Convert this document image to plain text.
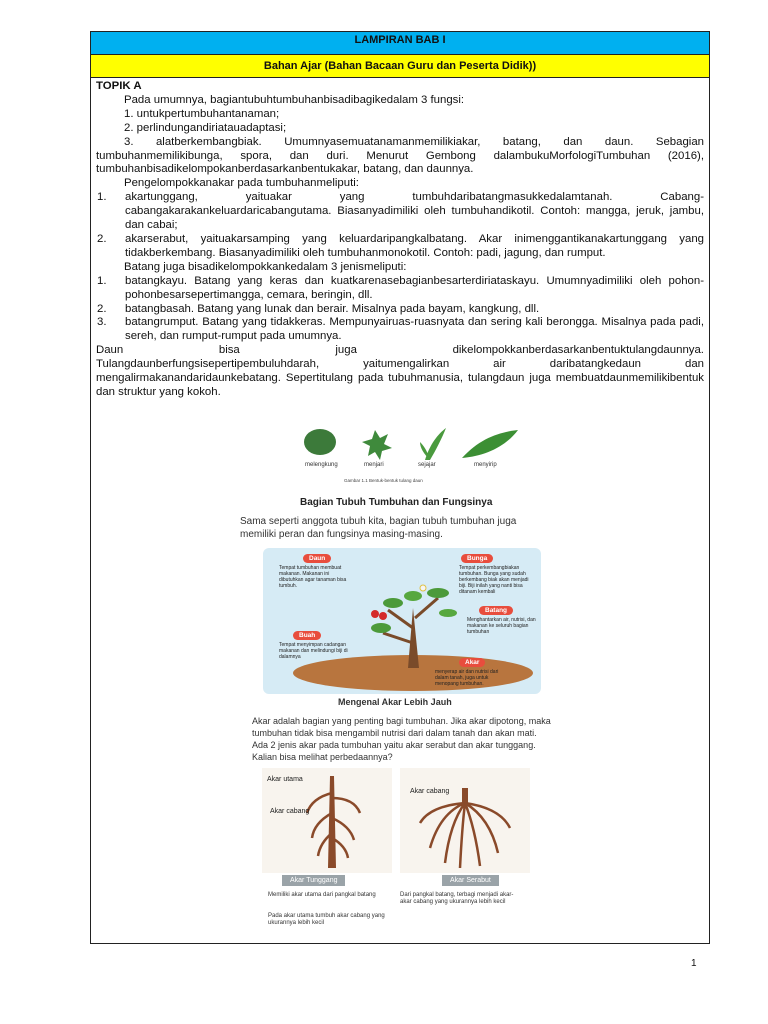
LAMPIRAN BAB I
Bahan Ajar (Bahan Bacaan Guru dan Peserta Didik))

TOPIK A

Pada umumnya, bagiantubuhtumbuhanbisadibagikedalam 3 fungsi:

1. untukpertumbuhantanaman;

2. perlindungandiriatauadaptasi;

3. alatberkembangbiak. Umumnyasemuatanamanmemilikiakar, batang, dan daun. Sebagian tumbuhanmemilikibunga, spora, dan duri. Menurut Gembong dalambukuMorfologiTumbuhan (2016), tumbuhanbisadikelompokanberdasarkanbentukakar, batang, dan daunnya.

Pengelompokkanakar pada tumbuhanmeliputi:

1. akartunggang, yaituakar yang tumbuhdaribatangmasukkedalamtanah. Cabang-cabangakarakankeluardaricabangutama. Biasanyadimiliki oleh tumbuhandikotil. Contoh: mangga, jeruk, jambu, dan cabai;
2. akarserabut, yaituakarsamping yang keluardaripangkalbatang. Akar inimenggantikanakartunggang yang tidakberkembang. Biasanyadimiliki oleh tumbuhanmonokotil. Contoh: padi, jagung, dan rumput.

Batang juga bisadikelompokkankedalam 3 jenismeliputi:

1. batangkayu. Batang yang keras dan kuatkarenasebagianbesarterdiriataskayu. Umumnyadimiliki oleh pohon-pohonbesarsepertimangga, cemara, beringin, dll.
2. batangbasah. Batang yang lunak dan berair. Misalnya pada bayam, kangkung, dll.
3. batangrumput. Batang yang tidakkeras. Mempunyairuas-ruasnyata dan sering kali berongga. Misalnya pada padi, sereh, dan rumput-rumput pada umumnya.

Daun	bisa	juga	dikelompokkanberdasarkanbentuktulangdaunnya.

Tulangdaunberfungsisepertipembuluhdarah, yaitumengalirkan air daribatangkedaun dan mengalirmakanandaridaunkebatang. Sepertitulang pada tubuhmanusia, tulangdaun juga membuatdaunmemilikibentuk dan struktur yang kokoh.

melengkung	menjari	sejajar	menyirip
Gambar 1.1 Bentuk-bentuk tulang daun
Bagian Tubuh Tumbuhan dan Fungsinya
Sama seperti anggota tubuh kita, bagian tubuh tumbuhan juga memiliki peran dan fungsinya masing-masing.
Daun
Tempat tumbuhan membuat makanan. Makanan ini dibutuhkan agar tanaman bisa tumbuh.
Bunga
Tempat perkembangbiakan tumbuhan. Bunga yang sudah berkembang biak akan menjadi biji. Biji inilah yang nanti bisa ditanam kembali
Batang
Menghantarkan air, nutrisi, dan makanan ke seluruh bagian tumbuhan
Buah
Tempat menyimpan cadangan makanan dan melindungi biji di dalamnya
Akar
menyerap air dan nutrisi dari dalam tanah, juga untuk menopang tumbuhan.
Mengenal Akar Lebih Jauh
Akar adalah bagian yang penting bagi tumbuhan. Jika akar dipotong, maka tumbuhan tidak bisa mengambil nutrisi dari dalam tanah dan akan mati. Ada 2 jenis akar pada tumbuhan yaitu akar serabut dan akar tunggang. Kalian bisa melihat perbedaannya?
Akar utama
Akar cabang
Akar cabang
Akar Tunggang	Akar Serabut
Memiliki akar utama dari pangkal batang
Pada akar utama tumbuh akar cabang yang ukurannya lebih kecil
Dari pangkal batang, terbagi menjadi akar-akar cabang yang ukurannya lebih kecil
1
